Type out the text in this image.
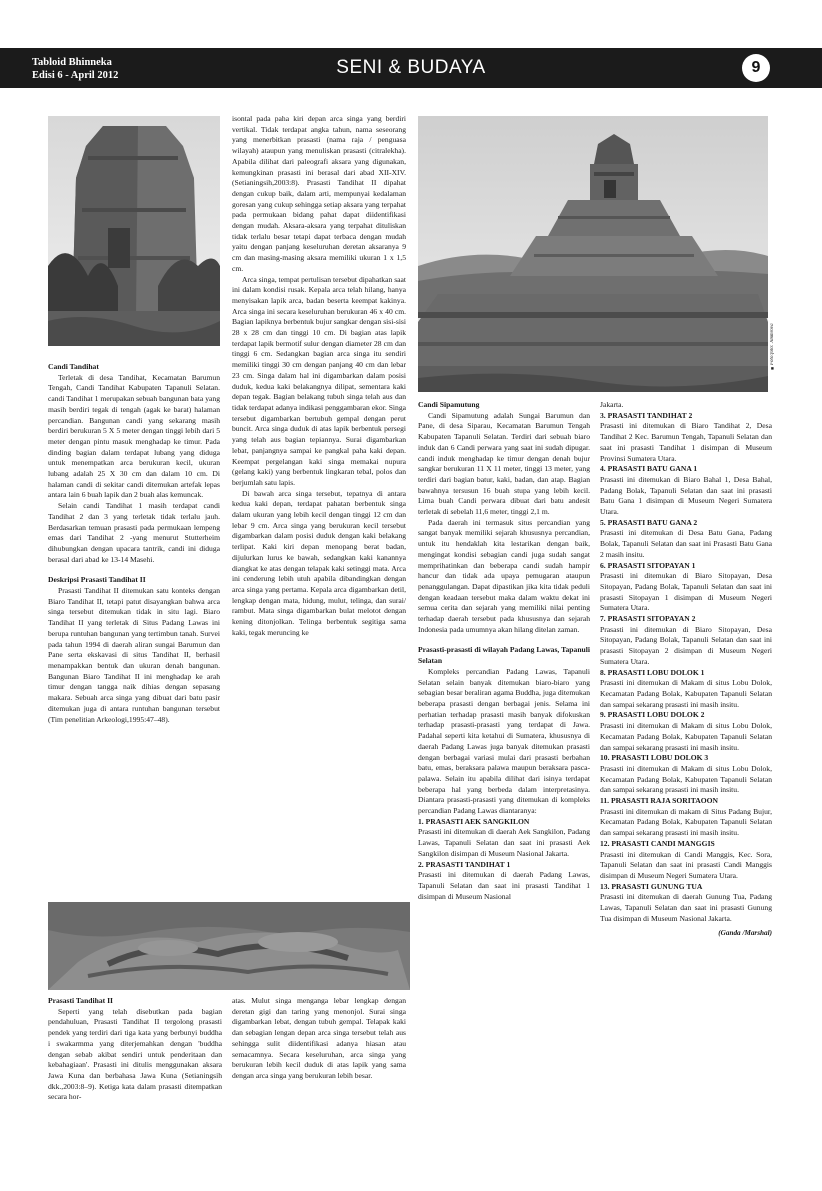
Tabloid Bhinneka
Edisi 6 - April 2012	SENI & BUDAYA	9
■Foto:foto: Jimmrova
Candi Tandihat

Terletak di desa Tandihat, Kecamatan Barumun Tengah, Candi Tandihat Kabupaten Tapanuli Selatan. candi Tandihat 1 merupakan sebuah bangunan bata yang masih berdiri tegak di tengah (agak ke barat) halaman percandian. Bangunan candi yang sekarang masih berdiri berukuran 5 X 5 meter dengan tinggi lebih dari 5 meter dengan pintu masuk menghadap ke timur. Pada dinding bagian dalam terdapat lubang yang diduga untuk menempatkan arca berukuran kecil, ukuran lubang adalah 25 X 30 cm dan dalam 10 cm. Di halaman candi di sekitar candi ditemukan artefak lepas antara lain 6 buah lapik dan 2 buah alas kemuncak.

Selain candi Tandihat 1 masih terdapat candi Tandihat 2 dan 3 yang terletak tidak terlalu jauh. Berdasarkan temuan prasasti pada permukaan lempeng emas dari Tandihat 2 -yang menurut Stutterheim dihubungkan dengan upacara tantrik, candi ini diduga berasal dari abad ke 13-14 Masehi.

Deskripsi Prasasti Tandihat II

Prasasti Tandihat II ditemukan satu konteks dengan Biaro Tandihat II, tetapi patut disayangkan bahwa arca singa tersebut ditemukan tidak in situ lagi. Biaro Tandihat II yang terletak di Situs Padang Lawas ini berupa runtuhan bangunan yang tertimbun tanah. Survei pada tahun 1994 di daerah aliran sungai Barumun dan Pane serta ekskavasi di situs Tandihat II, berhasil menampakkan bentuk dan ukuran denah bangunan. Bangunan Biaro Tandihat II ini menghadap ke arah timur dengan tangga naik dihias dengan sepasang makara. Sebuah arca singa yang dibuat dari batu pasir ditemukan juga di antara runtuhan bangunan tersebut (Tim penelitian Arkeologi,1995:47–48).

isontal pada paha kiri depan arca singa yang berdiri vertikal. Tidak terdapat angka tahun, nama seseorang yang menerbitkan prasasti (nama raja / penguasa wilayah) ataupun yang menuliskan prasasti (citralekha). Apabila dilihat dari paleografi aksara yang digunakan, kemungkinan prasasti ini berasal dari abad XII-XIV.(Setianingsih,2003:8). Prasasti Tandihat II dipahat dengan cukup baik, dalam arti, mempunyai kedalaman goresan yang cukup sehingga setiap aksara yang terpahat pada permukaan bidang pahat dapat diidentifikasi dengan mudah. Aksara-aksara yang terpahat dituliskan tidak terlalu besar tetapi dapat terbaca dengan mudah yaitu dengan panjang keseluruhan deretan aksaranya 9 cm dan masing-masing aksara memiliki ukuran 1 x 1,5 cm.

Arca singa, tempat pertulisan tersebut dipahatkan saat ini dalam kondisi rusak. Kepala arca telah hilang, hanya menyisakan lapik arca, badan beserta keempat kakinya. Arca singa ini secara keseluruhan berukuran 46 x 40 cm. Bagian lapiknya berbentuk bujur sangkar dengan sisi-sisi 28 x 28 cm dan tinggi 10 cm. Di bagian atas lapik terdapat lapik bermotif sulur dengan diameter 28 cm dan tinggi 6 cm. Sedangkan bagian arca singa itu sendiri memiliki tinggi 30 cm dengan panjang 40 cm dan lebar 23 cm. Singa dalam hal ini digambarkan dalam posisi duduk, kedua kaki belakangnya dilipat, sementara kaki depan tegak. Bagian belakang tubuh singa telah aus dan tidak terdapat adanya indikasi penggambaran ekor. Singa tersebut digambarkan bertubuh gempal dengan perut buncit. Arca singa duduk di atas lapik berbentuk persegi yang telah aus bagian tepiannya. Surai digambarkan lebat, panjangnya sampai ke pangkal paha kaki depan. Keempat pergelangan kaki singa memakai nupura (gelang kaki) yang berbentuk lingkaran tebal, polos dan berjumlah satu lapis.

Di bawah arca singa tersebut, tepatnya di antara kedua kaki depan, terdapat pahatan berbentuk singa dalam ukuran yang lebih kecil dengan tinggi 12 cm dan lebar 9 cm. Arca singa yang berukuran kecil tersebut digambarkan dalam posisi duduk dengan kaki belakang terlipat. Kaki kiri depan menopang berat badan, dijulurkan lurus ke bawah, sedangkan kaki kanannya diangkat ke atas dengan telapak kaki setinggi mata. Arca ini cenderung lebih utuh apabila dibandingkan dengan arca singa yang pertama. Kepala arca digambarkan detil, lengkap dengan mata, hidung, mulut, telinga, dan surai/ rambut. Mata singa digambarkan bulat melotot dengan kening ditonjolkan. Telinga berbentuk segitiga sama kaki, tegak meruncing ke

Prasasti Tandihat II

Seperti yang telah disebutkan pada bagian pendahuluan, Prasasti Tandihat II tergolong prasasti pendek yang terdiri dari tiga kata yang berbunyi buddha i swakarmma yang diterjemahkan dengan 'buddha dengan sebab akibat sendiri untuk penderitaan dan kebahagiaan'. Prasasti ini ditulis menggunakan aksara Jawa Kuna dan berbahasa Jawa Kuna (Setianingsih dkk.,2003:8–9). Ketiga kata dalam prasasti ditempatkan secara hor-

atas. Mulut singa menganga lebar lengkap dengan deretan gigi dan taring yang menonjol. Surai singa digambarkan lebat, dengan tubuh gempal. Telapak kaki dan sebagian lengan depan arca singa tersebut telah aus sehingga sulit diidentifikasi adanya hiasan atau semacamnya. Secara keseluruhan, arca singa yang berukuran lebih kecil duduk di atas lapik yang sama dengan arca singa yang berukuran lebih besar.

Candi Sipamutung

Candi Sipamutung adalah Sungai Barumun dan Pane, di desa Siparau, Kecamatan Barumun Tengah Kabupaten Tapanuli Selatan. Terdiri dari sebuah biaro induk dan 6 Candi perwara yang saat ini sudah dipugar. candi induk menghadap ke timur dengan denah bujur sangkar berukuran 11 X 11 meter, tinggi 13 meter, yang terdiri dari bagian batur, kaki, badan, dan atap. Bagian bawahnya tersusun 16 buah stupa yang lebih kecil. Lima buah Candi perwara dibuat dari batu andesit terletak di sebelah 11,6 meter, tinggi 2,1 m.

Pada daerah ini termasuk situs percandian yang sangat banyak memiliki sejarah khususnya percandian, untuk itu hendaklah kita lestarikan dengan baik, mengingat kondisi sebagian candi juga sudah sangat memprihatinkan dan beberapa candi sudah hampir hancur dan tidak ada upaya pemugaran ataupun penanggulangan. Dapat dipastikan jika kita tidak peduli dengan keadaan tersebut maka dalam waktu dekat ini semua cerita dan sejarah yang memiliki nilai penting terhadap daerah tersebut pada khususnya dan sejarah Indonesia pada umumnya akan hilang ditelan zaman.

Prasasti-prasasti di wilayah Padang Lawas, Tapanuli Selatan

Kompleks percandian Padang Lawas, Tapanuli Selatan selain banyak ditemukan biaro-biaro yang sebagian besar beraliran agama Buddha, juga ditemukan beberapa prasasti dengan berbagai jenis. Selama ini perhatian terhadap prasasti masih banyak difokuskan terhadap prasasti-prasasti yang terdapat di Jawa. Padahal seperti kita ketahui di Sumatera, khususnya di daerah Padang Lawas juga banyak ditemukan prasasti dengan berbagai variasi mulai dari prasasti berbahan batu, emas, beraksara palawa maupun beraksara pasca-palawa. Selain itu apabila dilihat dari isinya terdapat beberapa hal yang berbeda dalam interpretasinya. Diantara prasasti-prasasti yang ditemukan di kompleks percandian Padang Lawas diantaranya:

1. PRASASTI AEK SANGKILON

Prasasti ini ditemukan di daerah Aek Sangkilon, Padang Lawas, Tapanuli Selatan dan saat ini prasasti Aek Sangkilon disimpan di Museum Nasional Jakarta.

2. PRASASTI TANDIHAT 1

Prasasti ini ditemukan di daerah Padang Lawas, Tapanuli Selatan dan saat ini prasasti Tandihat 1 disimpan di Museum Nasional

Jakarta.

3. PRASASTI TANDIHAT 2

Prasasti ini ditemukan di Biaro Tandihat 2, Desa Tandihat 2 Kec. Barumun Tengah, Tapanuli Selatan dan saat ini prasasti Tandihat 1 disimpan di Museum Provinsi Sumatera Utara.

4. PRASASTI BATU GANA 1

Prasasti ini ditemukan di Biaro Bahal 1, Desa Bahal, Padang Bolak, Tapanuli Selatan dan saat ini prasasti Batu Gana 1 disimpan di Museum Negeri Sumatera Utara.

5. PRASASTI BATU GANA 2

Prasasti ini ditemukan di Desa Batu Gana, Padang Bolak, Tapanuli Selatan dan saat ini Prasasti Batu Gana 2 masih insitu.

6. PRASASTI SITOPAYAN 1

Prasasti ini ditemukan di Biaro Sitopayan, Desa Sitopayan, Padang Bolak, Tapanuli Selatan dan saat ini prasasti Sitopayan 1 disimpan di Museum Negeri Sumatera Utara.

7. PRASASTI SITOPAYAN 2

Prasasti ini ditemukan di Biaro Sitopayan, Desa Sitopayan, Padang Bolak, Tapanuli Selatan dan saat ini prasasti Sitopayan 2 disimpan di Museum Negeri Sumatera Utara.

8. PRASASTI LOBU DOLOK 1

Prasasti ini ditemukan di Makam di situs Lobu Dolok, Kecamatan Padang Bolak, Kabupaten Tapanuli Selatan dan sampai sekarang prasasti ini masih insitu.

9. PRASASTI LOBU DOLOK 2

Prasasti ini ditemukan di Makam di situs Lobu Dolok, Kecamatan Padang Bolak, Kabupaten Tapanuli Selatan dan sampai sekarang prasasti ini masih insitu.

10. PRASASTI LOBU DOLOK 3

Prasasti ini ditemukan di Makam di situs Lobu Dolok, Kecamatan Padang Bolak, Kabupaten Tapanuli Selatan dan sampai sekarang prasasti ini masih insitu.

11. PRASASTI RAJA SORITAOON

Prasasti ini ditemukan di makam di Situs Padang Bujur, Kecamatan Padang Bolak, Kabupaten Tapanuli Selatan dan sampai sekarang prasasti ini masih insitu.

12. PRASASTI CANDI MANGGIS

Prasasti ini ditemukan di Candi Manggis, Kec. Sora, Tapanuli Selatan dan saat ini prasasti Candi Manggis disimpan di Museum Negeri Sumatera Utara.

13. PRASASTI GUNUNG TUA

Prasasti ini ditemukan di daerah Gunung Tua, Padang Lawas, Tapanuli Selatan dan saat ini prasasti Gunung Tua disimpan di Museum Nasional Jakarta.

(Ganda /Marshal)
